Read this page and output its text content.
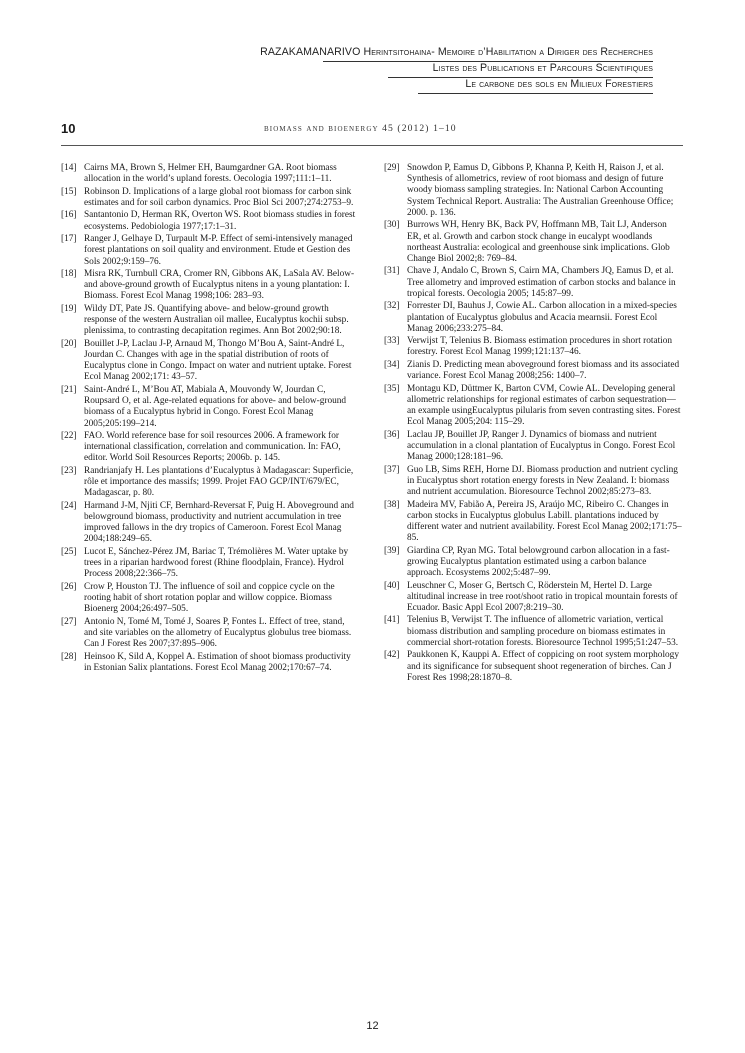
RAZAKAMANARIVO Herintsitohaina- Memoire d’Habilitation a Diriger des Recherches
Listes des Publications et Parcours Scientifiques
Le carbone des sols en Milieux Forestiers
10	biomass and bioenergy 45 (2012) 1–10
[14] Cairns MA, Brown S, Helmer EH, Baumgardner GA. Root biomass allocation in the world’s upland forests. Oecologia 1997;111:1–11.
[15] Robinson D. Implications of a large global root biomass for carbon sink estimates and for soil carbon dynamics. Proc Biol Sci 2007;274:2753–9.
[16] Santantonio D, Herman RK, Overton WS. Root biomass studies in forest ecosystems. Pedobiologia 1977;17:1–31.
[17] Ranger J, Gelhaye D, Turpault M-P. Effect of semi-intensively managed forest plantations on soil quality and environment. Etude et Gestion des Sols 2002;9:159–76.
[18] Misra RK, Turnbull CRA, Cromer RN, Gibbons AK, LaSala AV. Below- and above-ground growth of Eucalyptus nitens in a young plantation: I. Biomass. Forest Ecol Manag 1998;106: 283–93.
[19] Wildy DT, Pate JS. Quantifying above- and below-ground growth response of the western Australian oil mallee, Eucalyptus kochii subsp. plenissima, to contrasting decapitation regimes. Ann Bot 2002;90:18.
[20] Bouillet J-P, Laclau J-P, Arnaud M, Thongo M’Bou A, Saint-André L, Jourdan C. Changes with age in the spatial distribution of roots of Eucalyptus clone in Congo. Impact on water and nutrient uptake. Forest Ecol Manag 2002;171: 43–57.
[21] Saint-André L, M’Bou AT, Mabiala A, Mouvondy W, Jourdan C, Roupsard O, et al. Age-related equations for above- and below-ground biomass of a Eucalyptus hybrid in Congo. Forest Ecol Manag 2005;205:199–214.
[22] FAO. World reference base for soil resources 2006. A framework for international classification, correlation and communication. In: FAO, editor. World Soil Resources Reports; 2006b. p. 145.
[23] Randrianjafy H. Les plantations d’Eucalyptus à Madagascar: Superficie, rôle et importance des massifs; 1999. Projet FAO GCP/INT/679/EC, Madagascar, p. 80.
[24] Harmand J-M, Njiti CF, Bernhard-Reversat F, Puig H. Aboveground and belowground biomass, productivity and nutrient accumulation in tree improved fallows in the dry tropics of Cameroon. Forest Ecol Manag 2004;188:249–65.
[25] Lucot E, Sánchez-Pérez JM, Bariac T, Trémolières M. Water uptake by trees in a riparian hardwood forest (Rhine floodplain, France). Hydrol Process 2008;22:366–75.
[26] Crow P, Houston TJ. The influence of soil and coppice cycle on the rooting habit of short rotation poplar and willow coppice. Biomass Bioenerg 2004;26:497–505.
[27] Antonio N, Tomé M, Tomé J, Soares P, Fontes L. Effect of tree, stand, and site variables on the allometry of Eucalyptus globulus tree biomass. Can J Forest Res 2007;37:895–906.
[28] Heinsoo K, Sild A, Koppel A. Estimation of shoot biomass productivity in Estonian Salix plantations. Forest Ecol Manag 2002;170:67–74.
[29] Snowdon P, Eamus D, Gibbons P, Khanna P, Keith H, Raison J, et al. Synthesis of allometrics, review of root biomass and design of future woody biomass sampling strategies. In: National Carbon Accounting System Technical Report. Australia: The Australian Greenhouse Office; 2000. p. 136.
[30] Burrows WH, Henry BK, Back PV, Hoffmann MB, Tait LJ, Anderson ER, et al. Growth and carbon stock change in eucalypt woodlands northeast Australia: ecological and greenhouse sink implications. Glob Change Biol 2002;8: 769–84.
[31] Chave J, Andalo C, Brown S, Cairn MA, Chambers JQ, Eamus D, et al. Tree allometry and improved estimation of carbon stocks and balance in tropical forests. Oecologia 2005; 145:87–99.
[32] Forrester DI, Bauhus J, Cowie AL. Carbon allocation in a mixed-species plantation of Eucalyptus globulus and Acacia mearnsii. Forest Ecol Manag 2006;233:275–84.
[33] Verwijst T, Telenius B. Biomass estimation procedures in short rotation forestry. Forest Ecol Manag 1999;121:137–46.
[34] Zianis D. Predicting mean aboveground forest biomass and its associated variance. Forest Ecol Manag 2008;256: 1400–7.
[35] Montagu KD, Düttmer K, Barton CVM, Cowie AL. Developing general allometric relationships for regional estimates of carbon sequestration—an example usingEucalyptus pilularis from seven contrasting sites. Forest Ecol Manag 2005;204: 115–29.
[36] Laclau JP, Bouillet JP, Ranger J. Dynamics of biomass and nutrient accumulation in a clonal plantation of Eucalyptus in Congo. Forest Ecol Manag 2000;128:181–96.
[37] Guo LB, Sims REH, Horne DJ. Biomass production and nutrient cycling in Eucalyptus short rotation energy forests in New Zealand. I: biomass and nutrient accumulation. Bioresource Technol 2002;85:273–83.
[38] Madeira MV, Fabião A, Pereira JS, Araújo MC, Ribeiro C. Changes in carbon stocks in Eucalyptus globulus Labill. plantations induced by different water and nutrient availability. Forest Ecol Manag 2002;171:75–85.
[39] Giardina CP, Ryan MG. Total belowground carbon allocation in a fast-growing Eucalyptus plantation estimated using a carbon balance approach. Ecosystems 2002;5:487–99.
[40] Leuschner C, Moser G, Bertsch C, Röderstein M, Hertel D. Large altitudinal increase in tree root/shoot ratio in tropical mountain forests of Ecuador. Basic Appl Ecol 2007;8:219–30.
[41] Telenius B, Verwijst T. The influence of allometric variation, vertical biomass distribution and sampling procedure on biomass estimates in commercial short-rotation forests. Bioresource Technol 1995;51:247–53.
[42] Paukkonen K, Kauppi A. Effect of coppicing on root system morphology and its significance for subsequent shoot regeneration of birches. Can J Forest Res 1998;28:1870–8.
12
